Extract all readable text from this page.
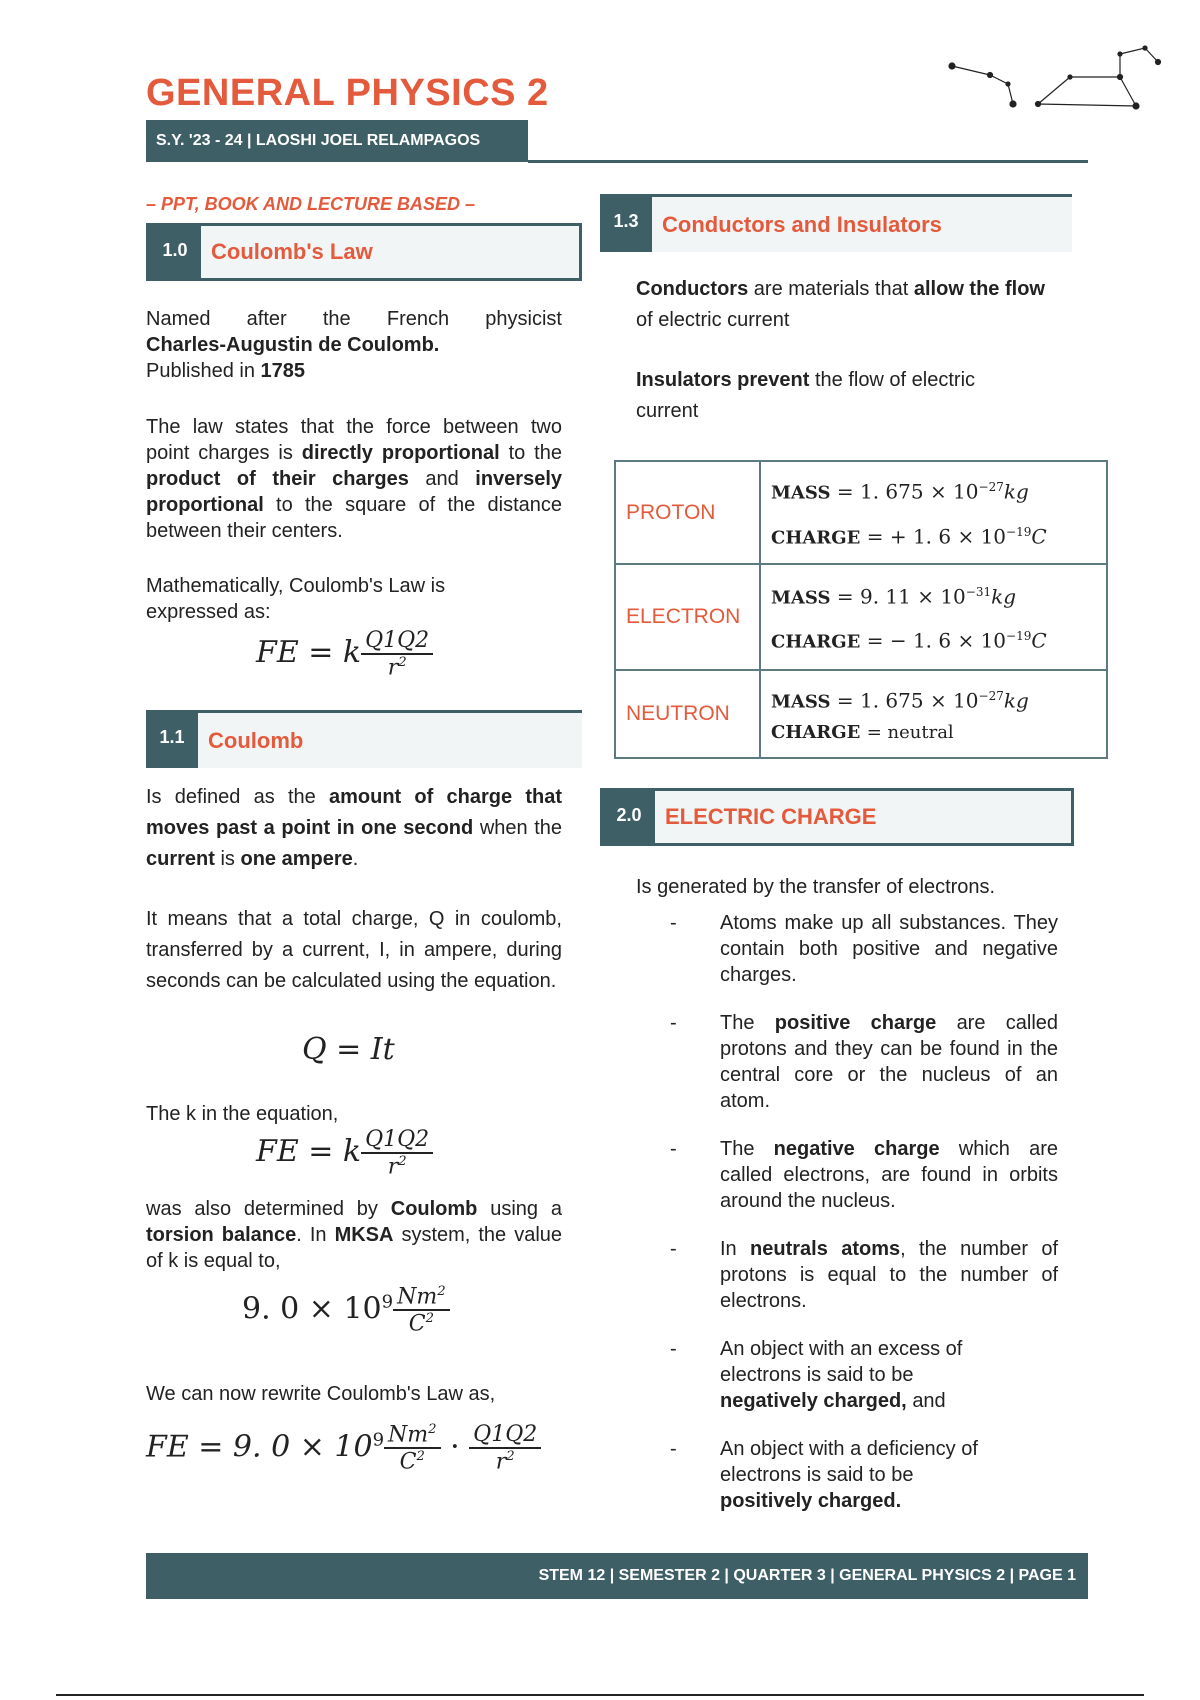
GENERAL PHYSICS 2
S.Y. '23 - 24 | LAOSHI JOEL RELAMPAGOS
– PPT, BOOK AND LECTURE BASED –
1.0	Coulomb's Law
Named after the French physicist
Charles-Augustin de Coulomb.
Published in 1785
The law states that the force between two point charges is directly proportional to the product of their charges and inversely proportional to the square of the distance between their centers.
Mathematically, Coulomb's Law is expressed as:
FE = k $\frac{Q1Q2}{r^2}$
1.1	Coulomb
Is defined as the amount of charge that moves past a point in one second when the current is one ampere.
It means that a total charge, Q in coulomb, transferred by a current, I, in ampere, during seconds can be calculated using the equation.
Q = It
The k in the equation,
FE = k $\frac{Q1Q2}{r^2}$
was also determined by Coulomb using a torsion balance. In MKSA system, the value of k is equal to,
9. $0 \times 10^9 \frac{Nm^2}{C^2}$
We can now rewrite Coulomb's Law as,
FE = 9. $0 \times 10^9 \frac{Nm^2}{C^2} \cdot \frac{Q1Q2}{r^2}$
1.3	Conductors and Insulators
Conductors are materials that allow the flow of electric current
Insulators prevent the flow of electric current
PROTON	MASS = 1. $675 \times 10^{-27}kg$
CHARGE = + 1. $6 \times 10^{-19}C$

ELECTRON	MASS = 9. $11 \times 10^{-31}kg$
CHARGE = − 1. $6 \times 10^{-19}C$

NEUTRON	MASS = 1. $675 \times 10^{-27}kg$
CHARGE = neutral
2.0	ELECTRIC CHARGE
Is generated by the transfer of electrons.
- Atoms make up all substances. They contain both positive and negative charges.
- The positive charge are called protons and they can be found in the central core or the nucleus of an atom.
- The negative charge which are called electrons, are found in orbits around the nucleus.
- In neutrals atoms, the number of protons is equal to the number of electrons.
- An object with an excess of electrons is said to be negatively charged, and
- An object with a deficiency of electrons is said to be positively charged.
STEM 12 | SEMESTER 2 | QUARTER 3 | GENERAL PHYSICS 2 | PAGE 1
